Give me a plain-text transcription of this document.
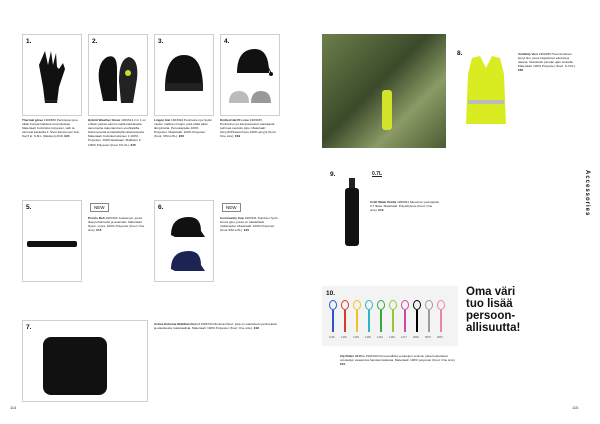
1.
Thermal glove 1900839 Perinteiset ja te ölkän hanyat kaikissa tammikuisaa. Materiaali: Kolmisitoi polyester, vaih ta varmeat kaskeilla ir. Sivut kämmenen lisä. Kaj 5 ki. S.M.L (Vakkuun) €18. €24
2.
Hybrid Weather Glove 1901614 2 in 1 on erittäin juoksu-säsi la-malla kankaisella sanomaina rakentaminen-vuohtaisilla. Kämmenestä ja käsiteltyllä rakenteisesta. Materiaali: Kolmikerroksinen 1 100% Polyester. 100% Elastaani, Malliston 2: 100% Polyester (Koot XS-XL). €45
3.
Lingon Hat 1903494 Perinteinen ja hyvän mielen mallinen huppu, joka pitää pään lämpimänä. Peruskappale 100% Polyester. Materiaali: 100% Polyester (Koot: S/M-L/XL). €26
4.
Knitted Hat Pro one 1903635 Perinteinen ja kampaamaton kankaasta pehmeä neulottu pipo. Materiaali: Akryylit/Pintaverhous 100% akryyli (Koot: One size). €19
5.	NEW
Pronto Belt 1907202 Juoksuvyö, jossa tilaa puhelimelle ja avaimille. Materiaali: Nylon, Lycra. 100% Polyester (Koot: One size). €15
6.	NEW
Community Cap 1907941 Tekninen hyvin istuva pipo, jossa on säädettävä niskanauha. Materiaali: 100% Polyester (Koot S/M-L/XL). €15
7.	Active Extreme Multifunction U 1906734 Monitoimihuivi, joka on valmistettu pehmeästä ja elastisesta materiaalista. Materiaali: 100% Polyester (Koot: One size). €18
114
8.	Visibility Vest 1902485 Huomioväriset, kevyt liivi, jossa heijastimet edessä ja takana. Tarkoitettu pimeän ajan lenkeille. Materiaali: 100% Polyester (Koot: S-XXL). €65
9.	0.7L
Craft Water Bottle 1906941 Muovinen juomapullo 0,7 litraa. Materiaali: Polyethylene (Koot: One size). €10	Accessories
10.
1105 1403 1406 1408 1420 1460 1477 9999 9975 9997
Zip Puller 10 Pcs 1904190 Persoonallisia vetoketjun vetimiä, jotka helpottavat vetoketjun avaamista hanskat kädessä. Materiaali: 100% polyester (Koot: One size). €10
Oma väri
tuo lisää
persoon-
allisuutta!
115
